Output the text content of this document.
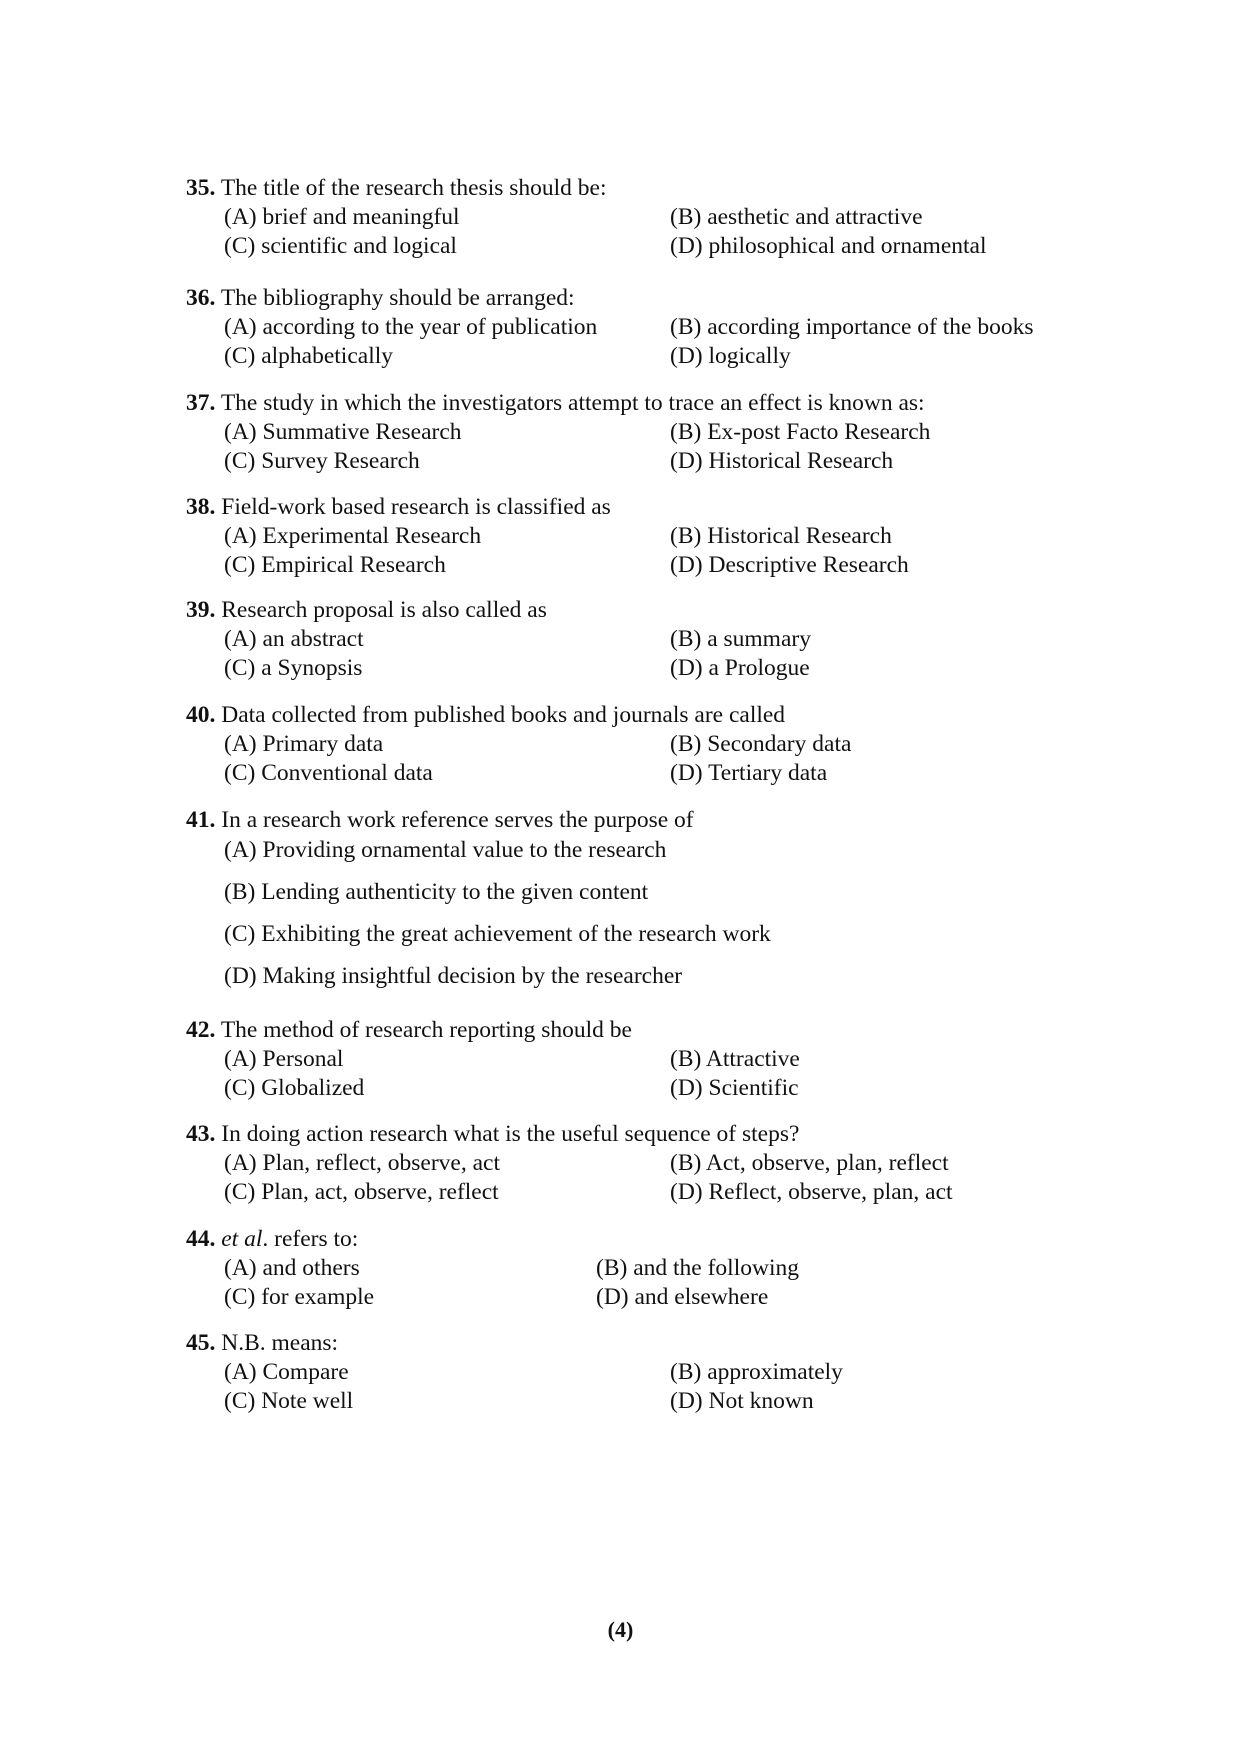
35. The title of the research thesis should be:
(A) brief and meaningful	(B) aesthetic and attractive
(C) scientific and logical	(D) philosophical and ornamental
36. The bibliography should be arranged:
(A) according to the year of publication	(B) according importance of the books
(C) alphabetically	(D) logically
37. The study in which the investigators attempt to trace an effect is known as:
(A) Summative Research	(B) Ex-post Facto Research
(C) Survey Research	(D) Historical Research
38. Field-work based research is classified as
(A) Experimental Research	(B) Historical Research
(C) Empirical Research	(D) Descriptive Research
39. Research proposal is also called as
(A) an abstract	(B) a summary
(C) a Synopsis	(D) a Prologue
40. Data collected from published books and journals are called
(A) Primary data	(B) Secondary data
(C) Conventional data	(D) Tertiary data
41. In a research work reference serves the purpose of
(A) Providing ornamental value to the research
(B) Lending authenticity to the given content
(C) Exhibiting the great achievement of the research work
(D) Making insightful decision by the researcher
42. The method of research reporting should be
(A) Personal	(B) Attractive
(C) Globalized	(D) Scientific
43. In doing action research what is the useful sequence of steps?
(A) Plan, reflect, observe, act	(B) Act, observe, plan, reflect
(C) Plan, act, observe, reflect	(D) Reflect, observe, plan, act
44. et al. refers to:
(A) and others	(B) and the following
(C) for example	(D) and elsewhere
45. N.B. means:
(A) Compare	(B) approximately
(C) Note well	(D) Not known
(4)
